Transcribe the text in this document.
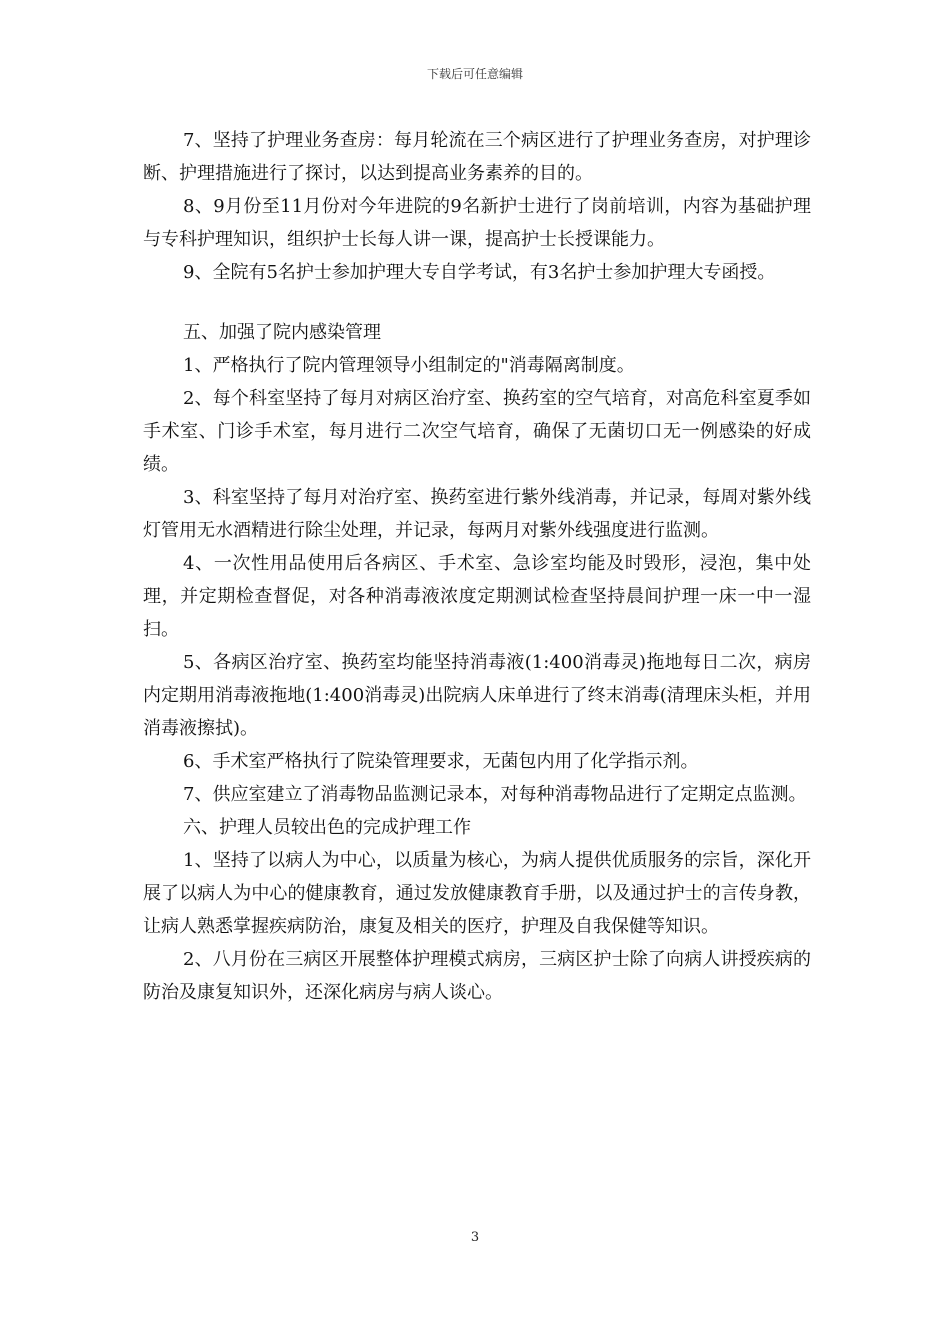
下载后可任意编辑

7、坚持了护理业务查房：每月轮流在三个病区进行了护理业务查房，对护理诊断、护理措施进行了探讨，以达到提高业务素养的目的。

8、9月份至11月份对今年进院的9名新护士进行了岗前培训，内容为基础护理与专科护理知识，组织护士长每人讲一课，提高护士长授课能力。

9、全院有5名护士参加护理大专自学考试，有3名护士参加护理大专函授。

五、加强了院内感染管理

1、严格执行了院内管理领导小组制定的"消毒隔离制度。

2、每个科室坚持了每月对病区治疗室、换药室的空气培育，对高危科室夏季如手术室、门诊手术室，每月进行二次空气培育，确保了无菌切口无一例感染的好成绩。

3、科室坚持了每月对治疗室、换药室进行紫外线消毒，并记录，每周对紫外线灯管用无水酒精进行除尘处理，并记录，每两月对紫外线强度进行监测。

4、一次性用品使用后各病区、手术室、急诊室均能及时毁形，浸泡，集中处理，并定期检查督促，对各种消毒液浓度定期测试检查坚持晨间护理一床一中一湿扫。

5、各病区治疗室、换药室均能坚持消毒液(1:400消毒灵)拖地每日二次，病房内定期用消毒液拖地(1:400消毒灵)出院病人床单进行了终末消毒(清理床头柜，并用消毒液擦拭)。

6、手术室严格执行了院染管理要求，无菌包内用了化学指示剂。

7、供应室建立了消毒物品监测记录本，对每种消毒物品进行了定期定点监测。

六、护理人员较出色的完成护理工作

1、坚持了以病人为中心，以质量为核心，为病人提供优质服务的宗旨，深化开展了以病人为中心的健康教育，通过发放健康教育手册，以及通过护士的言传身教，让病人熟悉掌握疾病防治，康复及相关的医疗，护理及自我保健等知识。

2、八月份在三病区开展整体护理模式病房，三病区护士除了向病人讲授疾病的防治及康复知识外，还深化病房与病人谈心。

3
